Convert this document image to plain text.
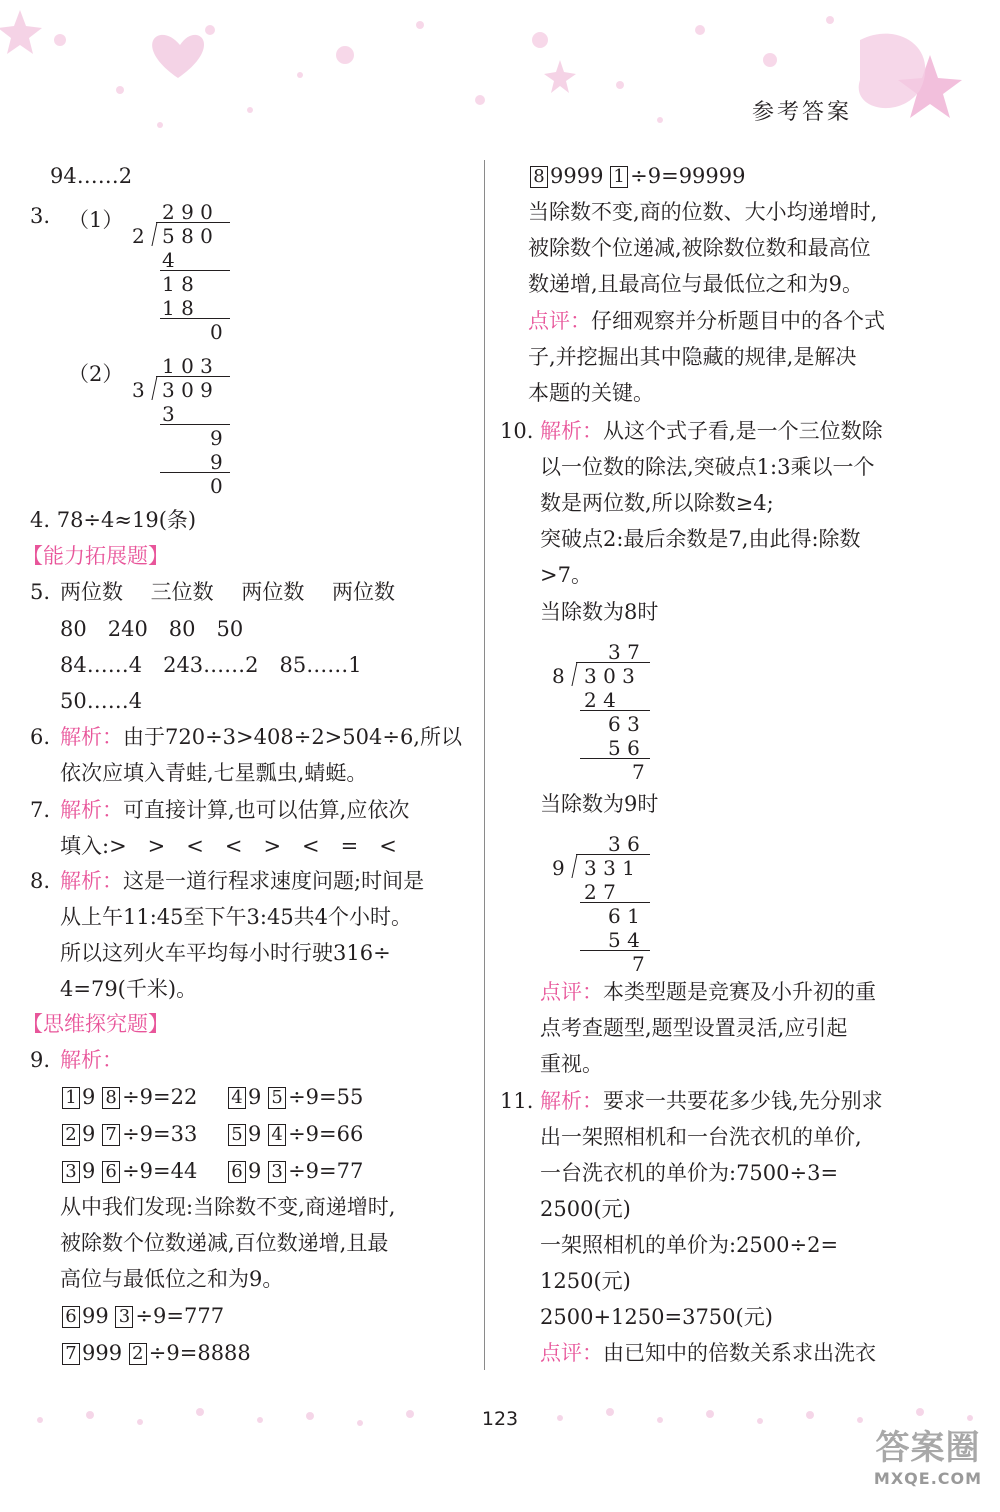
参考答案
94……2
3. （1） 2 9 0
2 5 8 0
4
1 8
1 8
0
（2） 1 0 3
3 3 0 9
3
9
9
0
4. 78÷4≈19(条)
【能力拓展题】
5. 两位数　 三位数　 两位数　 两位数
80　240　80　50
84……4　243……2　85……1
50……4
6. 解析：由于720÷3>408÷2>504÷6,所以
依次应填入青蛙,七星瓢虫,蜻蜓。
7. 解析：可直接计算,也可以估算,应依次
填入:>　>　<　<　>　<　=　<
8. 解析：这是一道行程求速度问题;时间是
从上午11:45至下午3:45共4个小时。
所以这列火车平均每小时行驶316÷
4=79(千米)。
【思维探究题】
9. 解析：
1 9 8 ÷9=22 4 9 5 ÷9=55
2 9 7 ÷9=33 5 9 4 ÷9=66
3 9 6 ÷9=44 6 9 3 ÷9=77
从中我们发现:当除数不变,商递增时,
被除数个位数递减,百位数递增,且最
高位与最低位之和为9。
6 99 3 ÷9=777
7 999 2 ÷9=8888
8 9999 1 ÷9=99999
当除数不变,商的位数、大小均递增时,
被除数个位递减,被除数位数和最高位
数递增,且最高位与最低位之和为9。
点评：仔细观察并分析题目中的各个式
子,并挖掘出其中隐藏的规律,是解决
本题的关键。
10. 解析：从这个式子看,是一个三位数除
以一位数的除法,突破点1:3乘以一个
数是两位数,所以除数≥4;
突破点2:最后余数是7,由此得:除数
>7。
当除数为8时
3 7
8 3 0 3
2 4
6 3
5 6
7
当除数为9时
3 6
9 3 3 1
2 7
6 1
5 4
7
点评：本类型题是竞赛及小升初的重
点考查题型,题型设置灵活,应引起
重视。
11. 解析：要求一共要花多少钱,先分别求
出一架照相机和一台洗衣机的单价,
一台洗衣机的单价为:7500÷3=
2500(元)
一架照相机的单价为:2500÷2=
1250(元)
2500+1250=3750(元)
点评：由已知中的倍数关系求出洗衣
123
答案圈
MXQE.COM
